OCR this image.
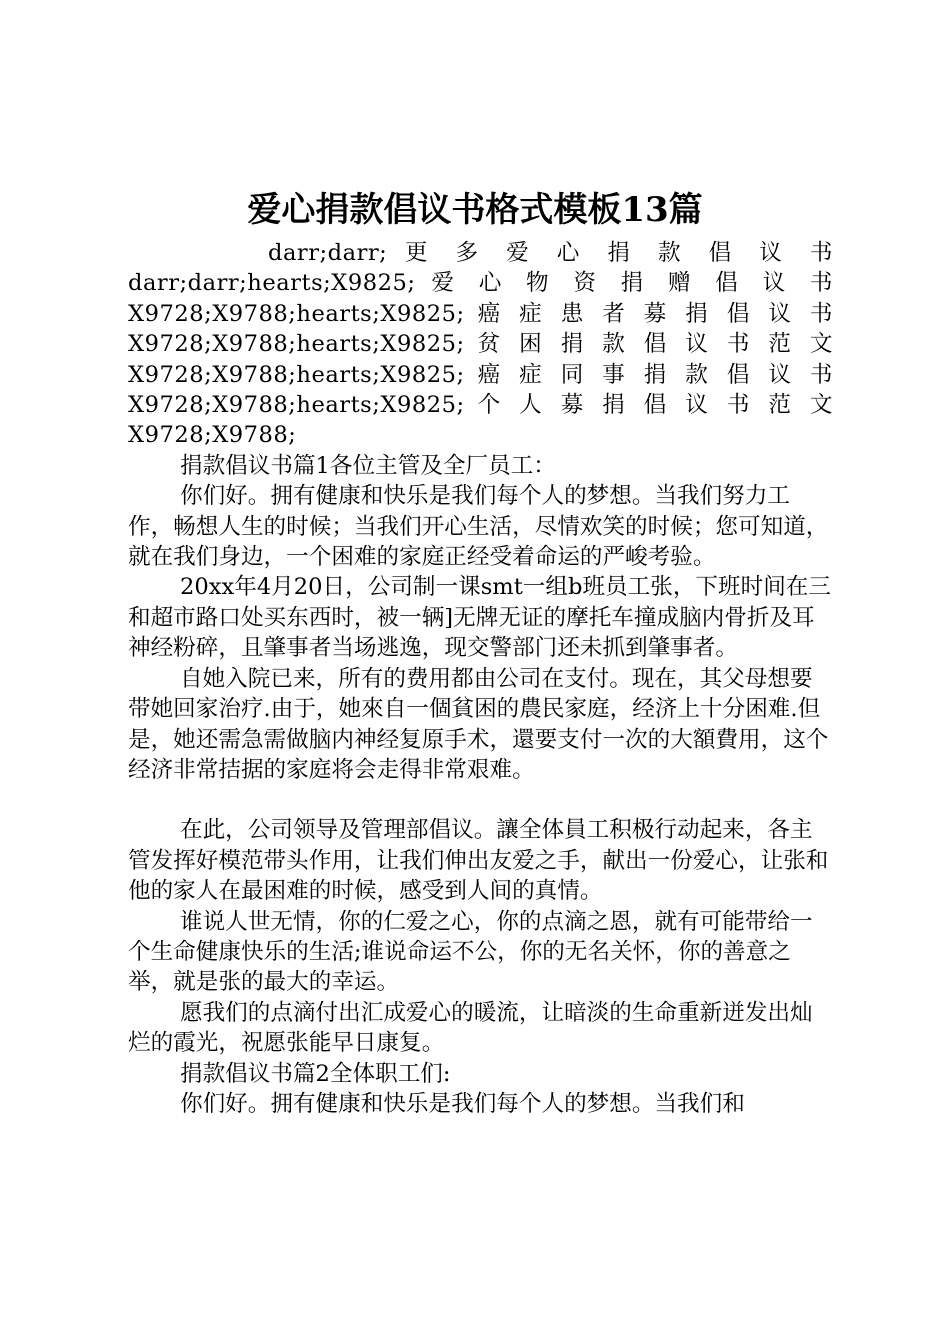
爱心捐款倡议书格式模板13篇
darr;darr; 更 多 爱 心 捐 款 倡 议 书
darr;darr;hearts;X9825; 爱 心 物 资 捐 赠 倡 议 书
X9728;X9788;hearts;X9825; 癌 症 患 者 募 捐 倡 议 书
X9728;X9788;hearts;X9825; 贫 困 捐 款 倡 议 书 范 文
X9728;X9788;hearts;X9825; 癌 症 同 事 捐 款 倡 议 书
X9728;X9788;hearts;X9825; 个 人 募 捐 倡 议 书 范 文
X9728;X9788;

捐款倡议书篇1各位主管及全厂员工：

你们好。拥有健康和快乐是我们每个人的梦想。当我们努力工作，畅想人生的时候；当我们开心生活，尽情欢笑的时候；您可知道，就在我们身边，一个困难的家庭正经受着命运的严峻考验。

20xx年4月20日，公司制一课smt一组b班员工张，下班时间在三和超市路口处买东西时，被一辆]无牌无证的摩托车撞成脑内骨折及耳神经粉碎，且肇事者当场逃逸，现交警部门还未抓到肇事者。

自她入院已来，所有的费用都由公司在支付。现在，其父母想要带她回家治疗.由于，她來自一個貧困的農民家庭，经济上十分困难.但是，她还需急需做脑内神经复原手术，還要支付一次的大額費用，这个经济非常拮据的家庭将会走得非常艰难。

在此，公司领导及管理部倡议。讓全体員工积极行动起来，各主管发挥好模范带头作用，让我们伸出友爱之手，献出一份爱心，让张和他的家人在最困难的时候，感受到人间的真情。

谁说人世无情，你的仁爱之心，你的点滴之恩，就有可能带给一个生命健康快乐的生活;谁说命运不公，你的无名关怀，你的善意之举，就是张的最大的幸运。

愿我们的点滴付出汇成爱心的暖流，让暗淡的生命重新迸发出灿烂的霞光，祝愿张能早日康复。

捐款倡议书篇2全体职工们:

你们好。拥有健康和快乐是我们每个人的梦想。当我们和
